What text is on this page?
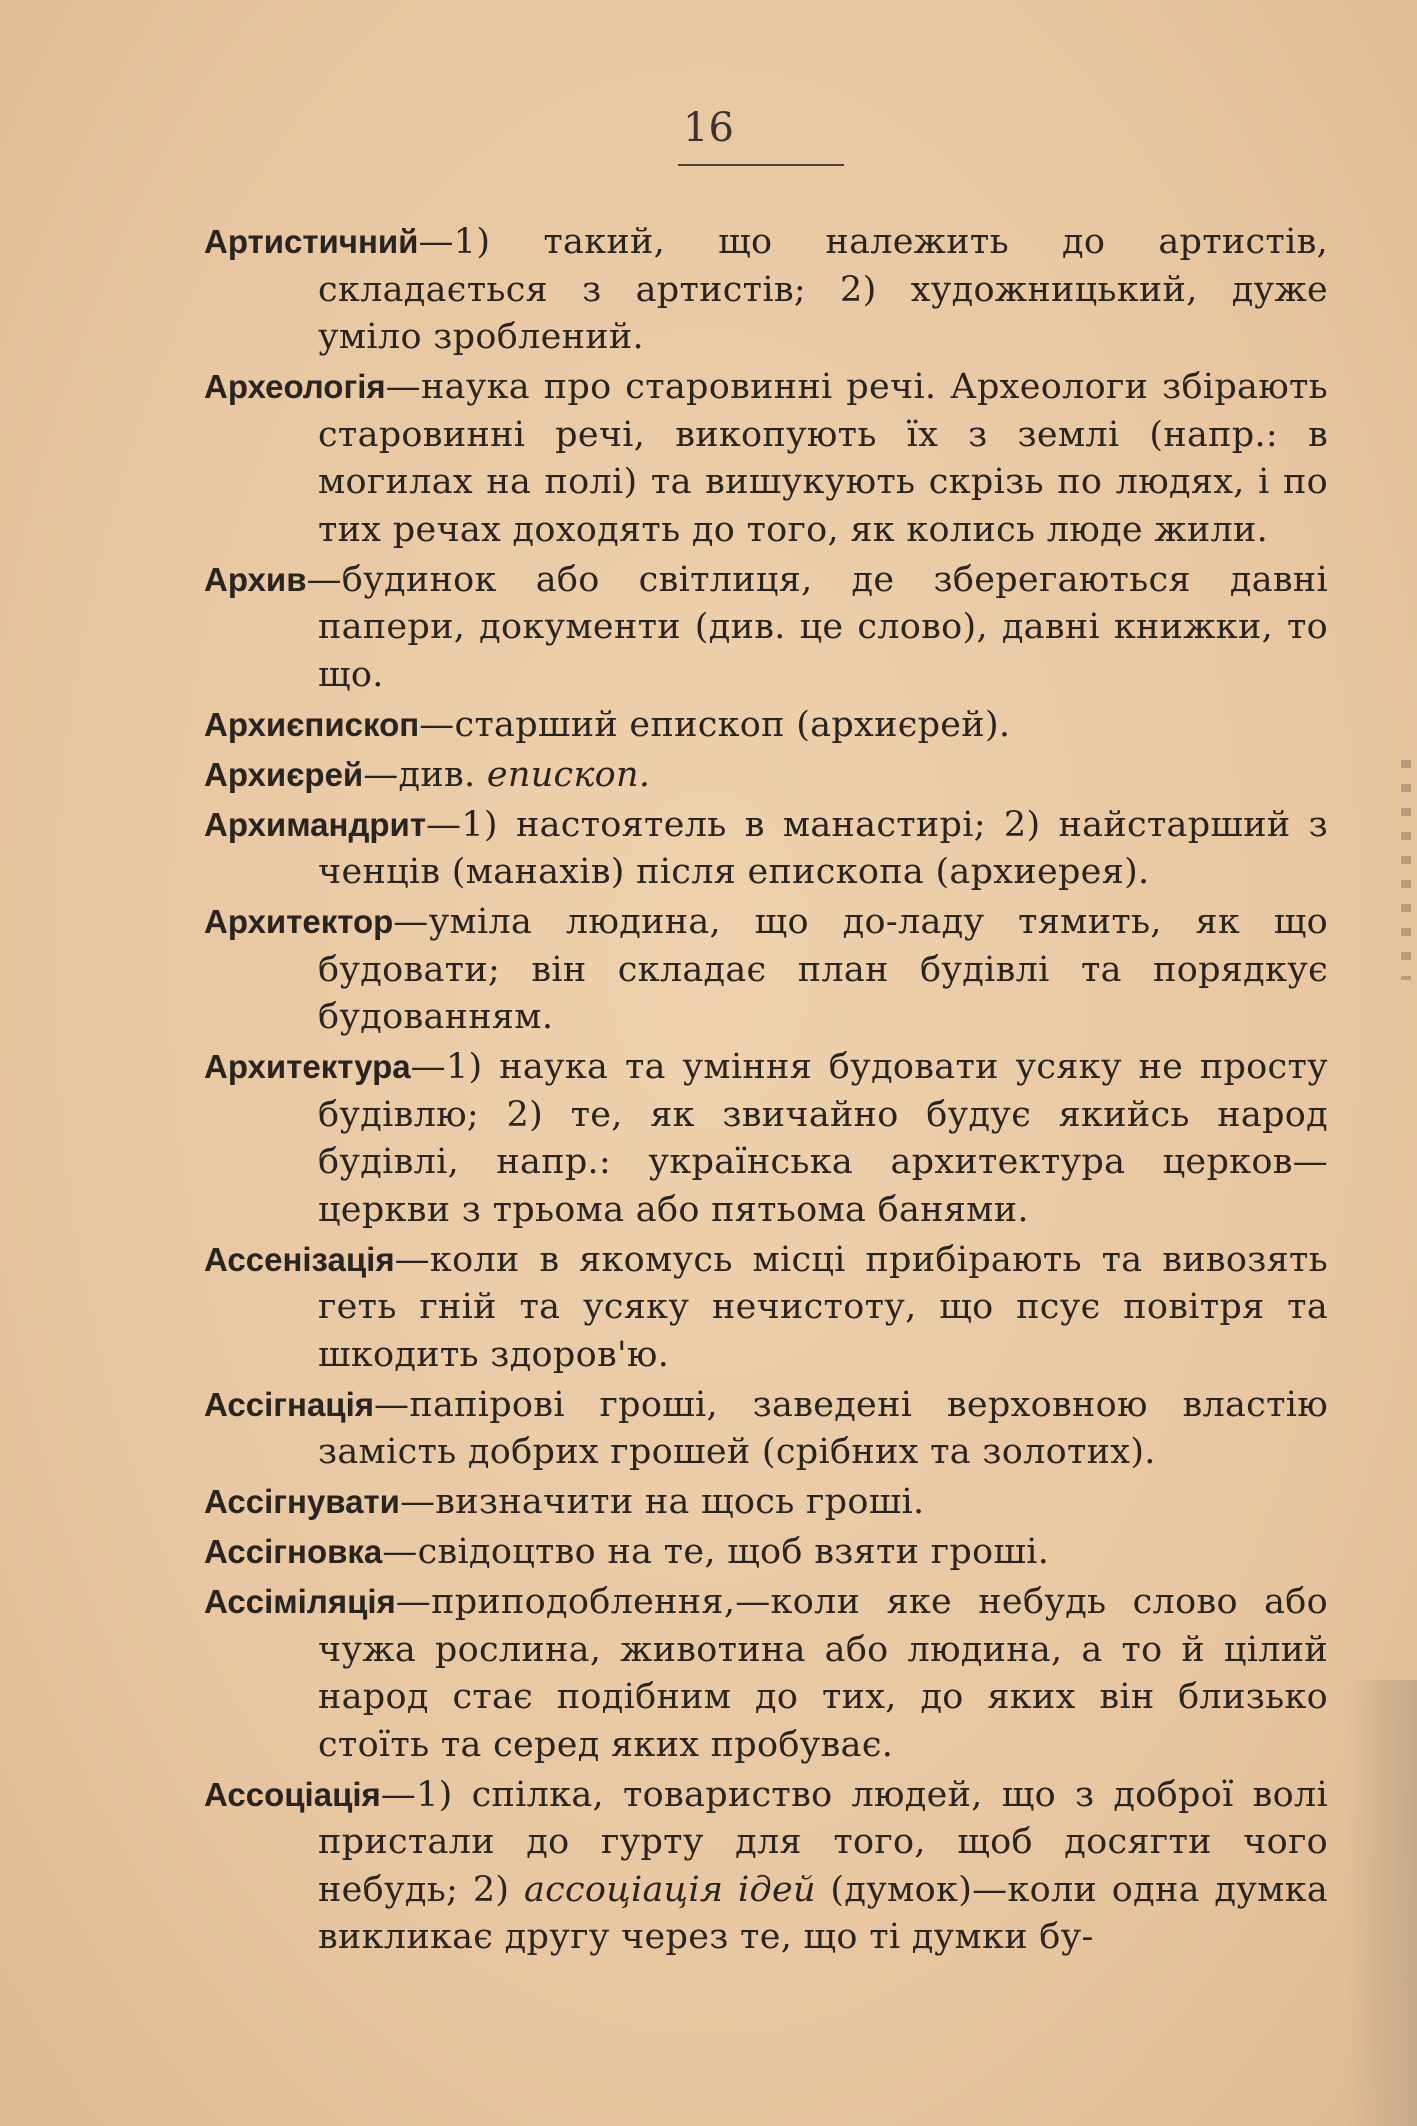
16

Артистичний—1) такий, що належить до артистів, складається з артистів; 2) художницький, дуже уміло зроблений.

Археологія—наука про старовинні речі. Археологи збірають старовинні речі, викопують їх з землі (напр.: в могилах на полі) та вишукують скрізь по людях, і по тих речах доходять до того, як колись люде жили.

Архив—будинок або світлиця, де зберегаються давні папери, документи (див. це слово), давні книжки, то що.

Архиєпископ—старший епископ (архиєрей).

Архиєрей—див. епископ.

Архимандрит—1) настоятель в манастирі; 2) найстарший з ченців (манахів) після епископа (архиерея).

Архитектор—уміла людина, що до-ладу тямить, як що будовати; він складає план будівлі та порядкує будованням.

Архитектура—1) наука та уміння будовати усяку не просту будівлю; 2) те, як звичайно будує якийсь народ будівлі, напр.: українська архитектура церков—церкви з трьома або пятьома банями.

Ассенізація—коли в якомусь місці прибірають та вивозять геть гній та усяку нечистоту, що псує повітря та шкодить здоров'ю.

Ассігнація—папірові гроші, заведені верховною властію замість добрих грошей (срібних та золотих).

Ассігнувати—визначити на щось гроші.

Ассігновка—свідоцтво на те, щоб взяти гроші.

Ассіміляція—приподоблення,—коли яке небудь слово або чужа рослина, животина або людина, а то й цілий народ стає подібним до тих, до яких він близько стоїть та серед яких пробуває.

Ассоціація—1) спілка, товариство людей, що з доброї волі пристали до гурту для того, щоб досягти чого небудь; 2) ассоціація ідей (думок)—коли одна думка викликає другу через те, що ті думки бу-
